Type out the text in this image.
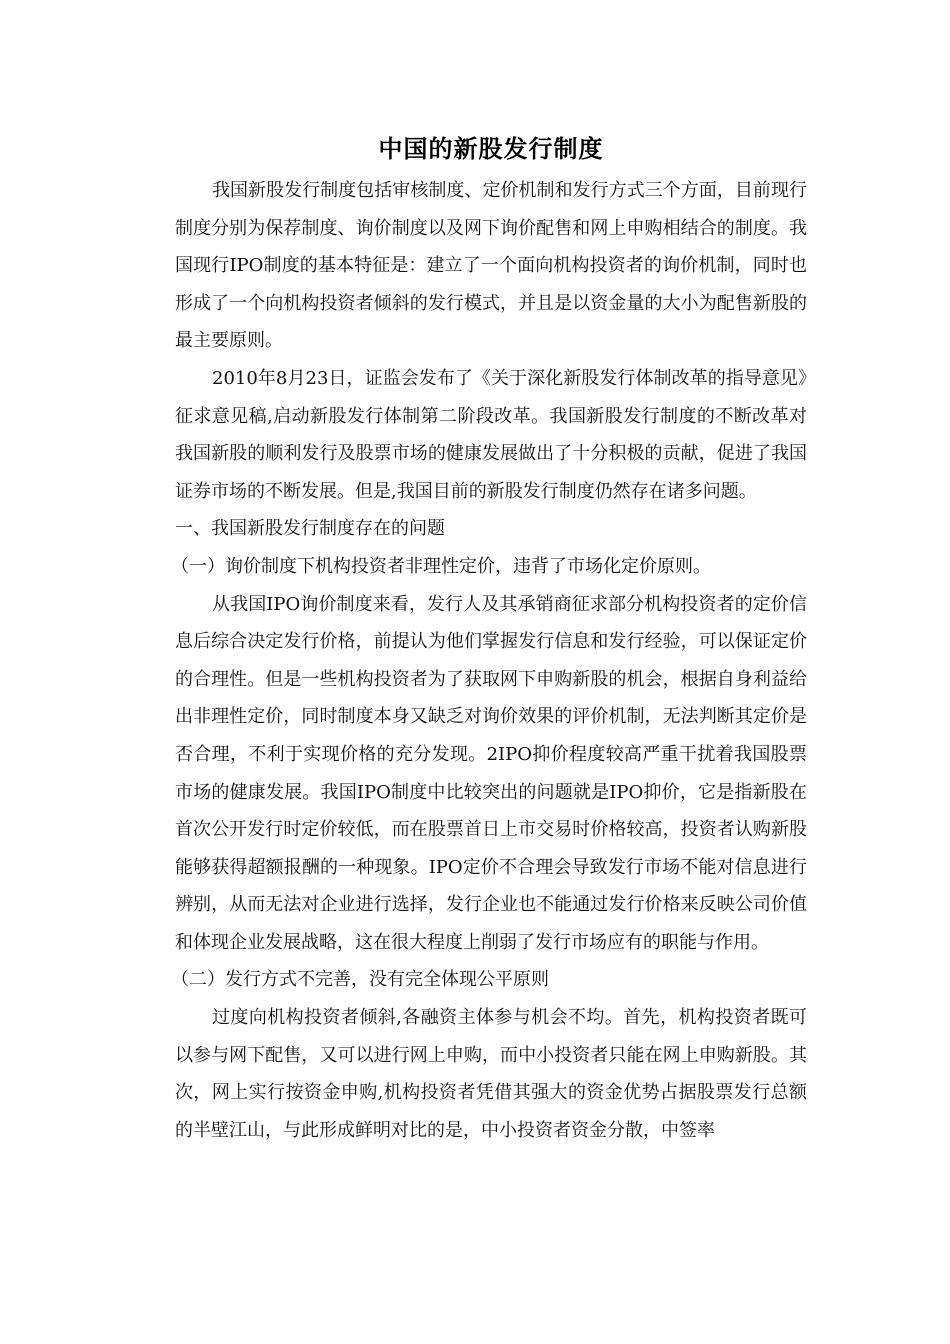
中国的新股发行制度

我国新股发行制度包括审核制度、定价机制和发行方式三个方面，目前现行制度分别为保荐制度、询价制度以及网下询价配售和网上申购相结合的制度。我国现行IPO制度的基本特征是：建立了一个面向机构投资者的询价机制，同时也形成了一个向机构投资者倾斜的发行模式，并且是以资金量的大小为配售新股的最主要原则。

2010年8月23日，证监会发布了《关于深化新股发行体制改革的指导意见》征求意见稿,启动新股发行体制第二阶段改革。我国新股发行制度的不断改革对我国新股的顺利发行及股票市场的健康发展做出了十分积极的贡献，促进了我国证券市场的不断发展。但是,我国目前的新股发行制度仍然存在诸多问题。

一、我国新股发行制度存在的问题

（一）询价制度下机构投资者非理性定价，违背了市场化定价原则。

从我国IPO询价制度来看，发行人及其承销商征求部分机构投资者的定价信息后综合决定发行价格，前提认为他们掌握发行信息和发行经验，可以保证定价的合理性。但是一些机构投资者为了获取网下申购新股的机会，根据自身利益给出非理性定价，同时制度本身又缺乏对询价效果的评价机制，无法判断其定价是否合理，不利于实现价格的充分发现。2IPO抑价程度较高严重干扰着我国股票市场的健康发展。我国IPO制度中比较突出的问题就是IPO抑价，它是指新股在首次公开发行时定价较低，而在股票首日上市交易时价格较高，投资者认购新股能够获得超额报酬的一种现象。IPO定价不合理会导致发行市场不能对信息进行辨别，从而无法对企业进行选择，发行企业也不能通过发行价格来反映公司价值和体现企业发展战略，这在很大程度上削弱了发行市场应有的职能与作用。

（二）发行方式不完善，没有完全体现公平原则

过度向机构投资者倾斜,各融资主体参与机会不均。首先，机构投资者既可以参与网下配售，又可以进行网上申购，而中小投资者只能在网上申购新股。其次，网上实行按资金申购,机构投资者凭借其强大的资金优势占据股票发行总额的半壁江山，与此形成鲜明对比的是，中小投资者资金分散，中签率
